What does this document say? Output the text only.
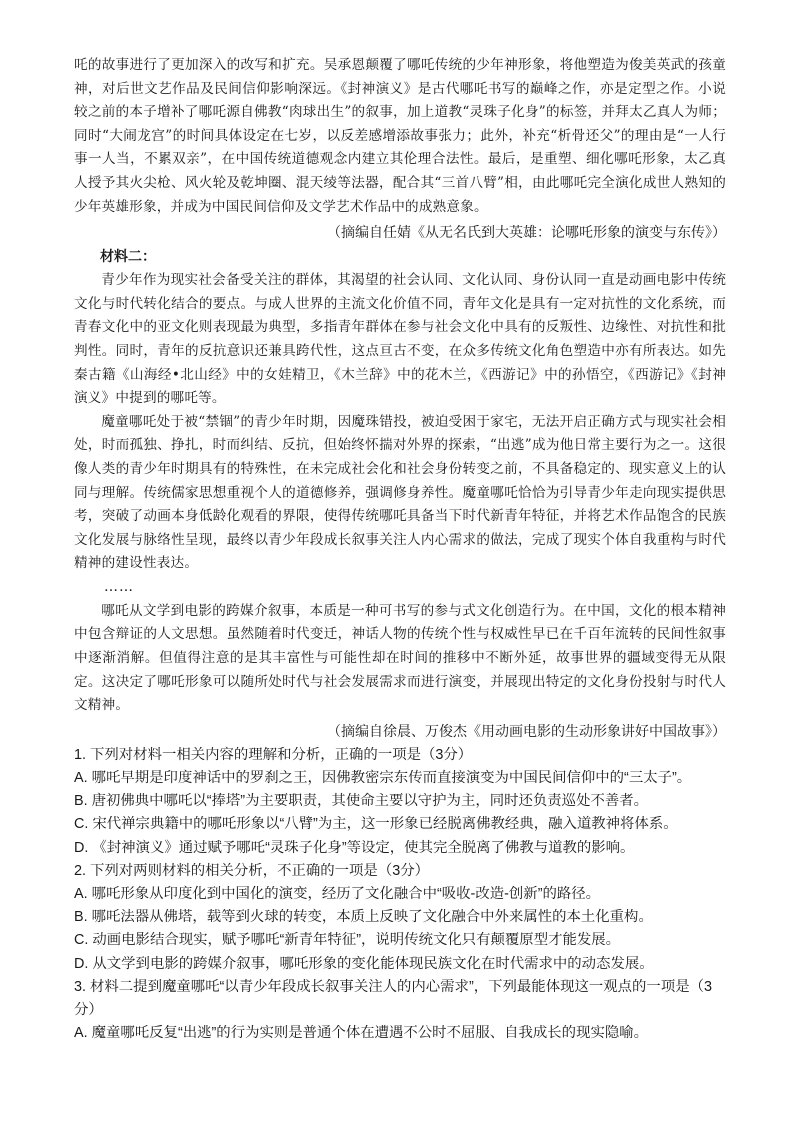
吒的故事进行了更加深入的改写和扩充。吴承恩颠覆了哪吒传统的少年神形象，将他塑造为俊美英武的孩童神，对后世文艺作品及民间信仰影响深远。《封神演义》是古代哪吒书写的巅峰之作，亦是定型之作。小说较之前的本子增补了哪吒源自佛教“肉球出生”的叙事，加上道教“灵珠子化身”的标签，并拜太乙真人为师；同时“大闹龙宫”的时间具体设定在七岁，以反差感增添故事张力；此外，补充“析骨还父”的理由是“一人行事一人当，不累双亲”，在中国传统道德观念内建立其伦理合法性。最后，是重塑、细化哪吒形象，太乙真人授予其火尖枪、风火轮及乾坤圈、混天绫等法器，配合其“三首八臂”相，由此哪吒完全演化成世人熟知的少年英雄形象，并成为中国民间信仰及文学艺术作品中的成熟意象。

（摘编自任婧《从无名氏到大英雄：论哪吒形象的演变与东传》）

材料二：

青少年作为现实社会备受关注的群体，其渴望的社会认同、文化认同、身份认同一直是动画电影中传统文化与时代转化结合的要点。与成人世界的主流文化价值不同，青年文化是具有一定对抗性的文化系统，而青春文化中的亚文化则表现最为典型，多指青年群体在参与社会文化中具有的反叛性、边缘性、对抗性和批判性。同时，青年的反抗意识还兼具跨代性，这点亘古不变，在众多传统文化角色塑造中亦有所表达。如先秦古籍《山海经•北山经》中的女娃精卫，《木兰辞》中的花木兰，《西游记》中的孙悟空，《西游记》《封神演义》中提到的哪吒等。

魔童哪吒处于被“禁锢”的青少年时期，因魔珠错投，被迫受困于家宅，无法开启正确方式与现实社会相处，时而孤独、挣扎，时而纠结、反抗，但始终怀揣对外界的探索，“出逃”成为他日常主要行为之一。这很像人类的青少年时期具有的特殊性，在未完成社会化和社会身份转变之前，不具备稳定的、现实意义上的认同与理解。传统儒家思想重视个人的道德修养，强调修身养性。魔童哪吒恰恰为引导青少年走向现实提供思考，突破了动画本身低龄化观看的界限，使得传统哪吒具备当下时代新青年特征，并将艺术作品饱含的民族文化发展与脉络性呈现，最终以青少年段成长叙事关注人内心需求的做法，完成了现实个体自我重构与时代精神的建设性表达。

……

哪吒从文学到电影的跨媒介叙事，本质是一种可书写的参与式文化创造行为。在中国，文化的根本精神中包含辩证的人文思想。虽然随着时代变迁，神话人物的传统个性与权威性早已在千百年流转的民间性叙事中逐渐消解。但值得注意的是其丰富性与可能性却在时间的推移中不断外延，故事世界的疆域变得无从限定。这决定了哪吒形象可以随所处时代与社会发展需求而进行演变，并展现出特定的文化身份投射与时代人文精神。

（摘编自徐晨、万俊杰《用动画电影的生动形象讲好中国故事》）

1. 下列对材料一相关内容的理解和分析，正确的一项是（3分）

A. 哪吒早期是印度神话中的罗刹之王，因佛教密宗东传而直接演变为中国民间信仰中的“三太子”。

B. 唐初佛典中哪吒以“捧塔”为主要职责，其使命主要以守护为主，同时还负责巡处不善者。

C. 宋代禅宗典籍中的哪吒形象以“八臂”为主，这一形象已经脱离佛教经典，融入道教神将体系。

D. 《封神演义》通过赋予哪吒“灵珠子化身”等设定，使其完全脱离了佛教与道教的影响。

2. 下列对两则材料的相关分析，不正确的一项是（3分）

A. 哪吒形象从印度化到中国化的演变，经历了文化融合中“吸收-改造-创新”的路径。

B. 哪吒法器从佛塔，载等到火球的转变，本质上反映了文化融合中外来属性的本土化重构。

C. 动画电影结合现实，赋予哪吒“新青年特征”，说明传统文化只有颠覆原型才能发展。

D. 从文学到电影的跨媒介叙事，哪吒形象的变化能体现民族文化在时代需求中的动态发展。

3. 材料二提到魔童哪吒“以青少年段成长叙事关注人的内心需求”，下列最能体现这一观点的一项是（3分）

A. 魔童哪吒反复“出逃”的行为实则是普通个体在遭遇不公时不屈服、自我成长的现实隐喻。
